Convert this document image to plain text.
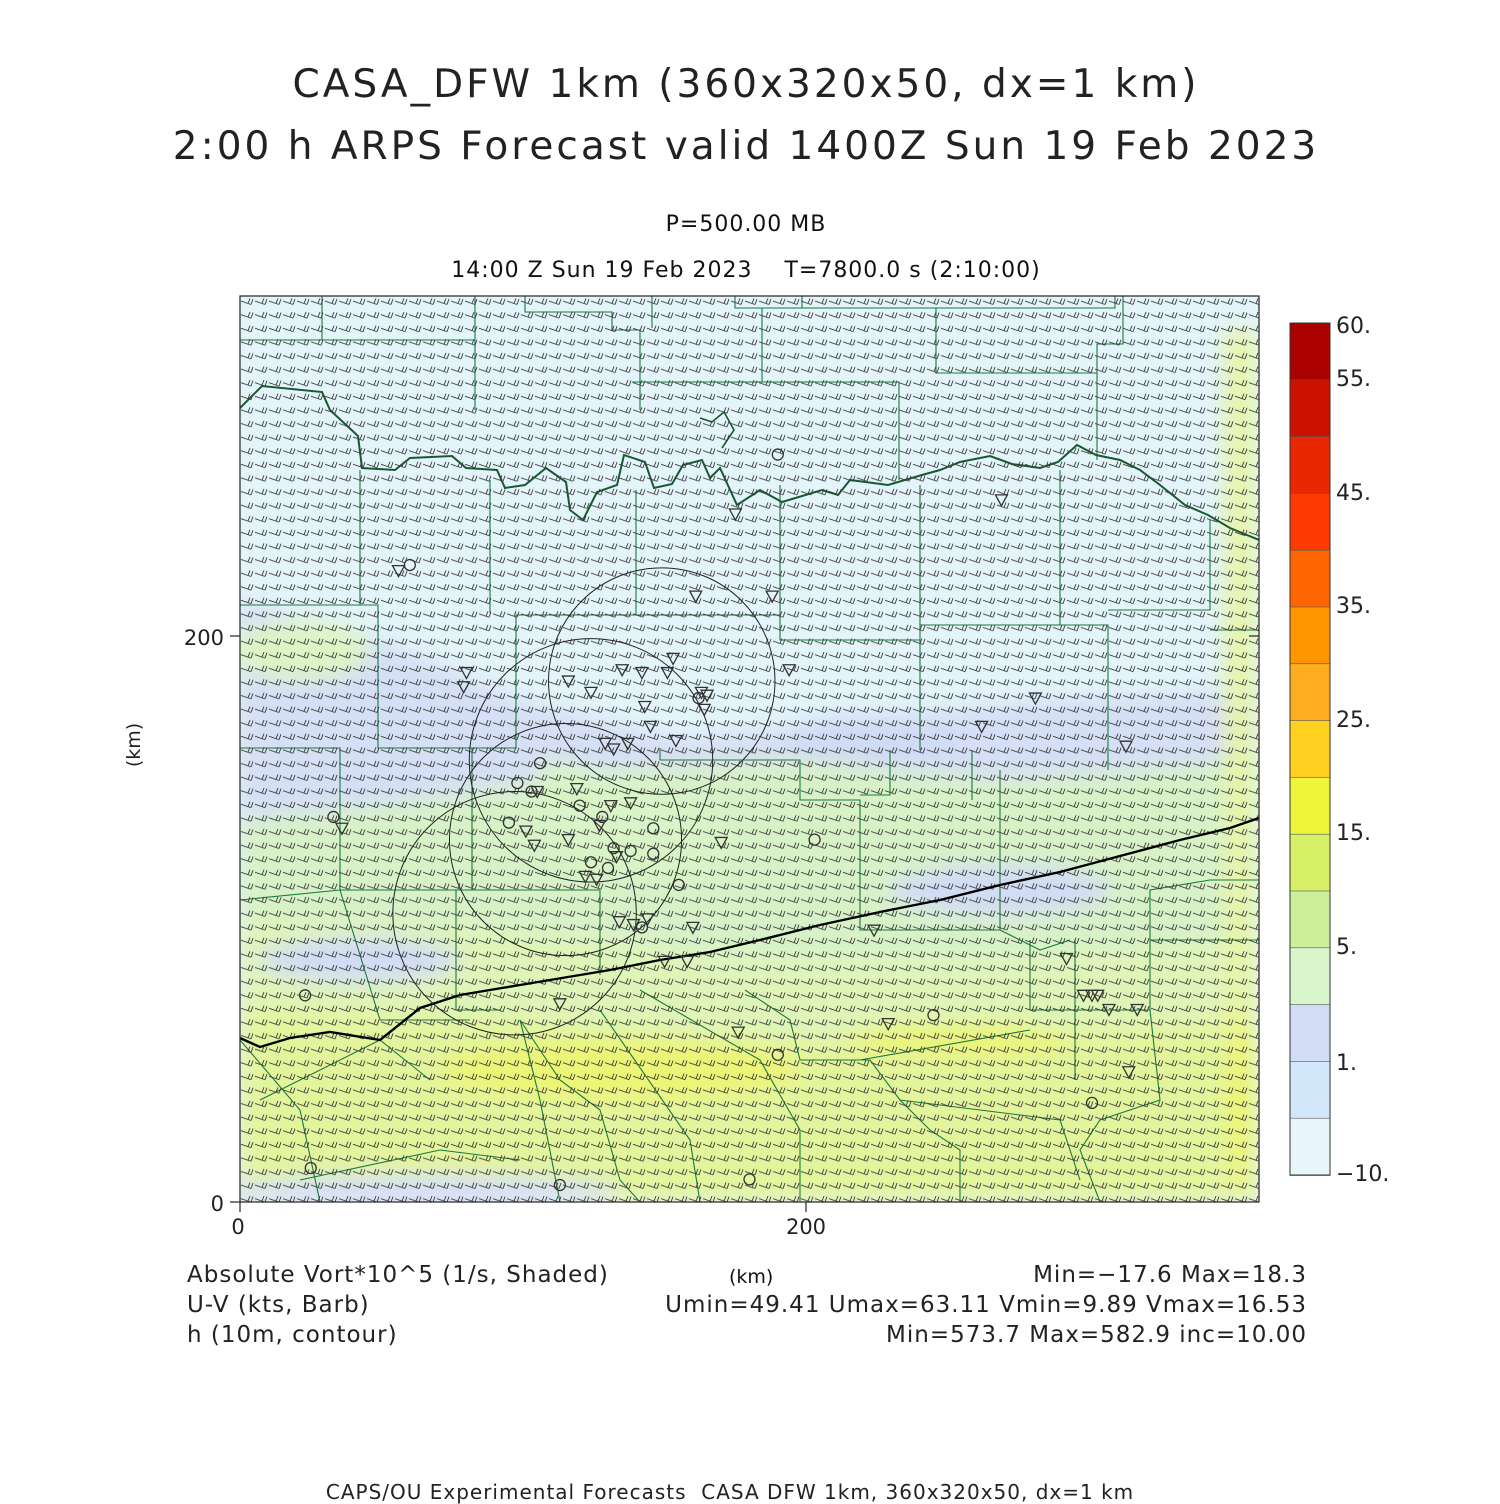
CASA_DFW 1km (360x320x50, dx=1 km)
2:00 h ARPS Forecast valid 1400Z Sun 19 Feb 2023
P=500.00 MB
14:00 Z Sun 19 Feb 2023    T=7800.0 s (2:10:00)
0	200
0
200
(km)
60.
55.
45.
35.
25.
15.
5.
1.
−10.
Absolute Vort*10^5 (1/s, Shaded)
U-V (kts, Barb)
h (10m, contour)
(km)	Min=−17.6 Max=18.3
Umin=49.41 Umax=63.11 Vmin=9.89 Vmax=16.53
Min=573.7 Max=582.9 inc=10.00
CAPS/OU Experimental Forecasts  CASA DFW 1km, 360x320x50, dx=1 km
